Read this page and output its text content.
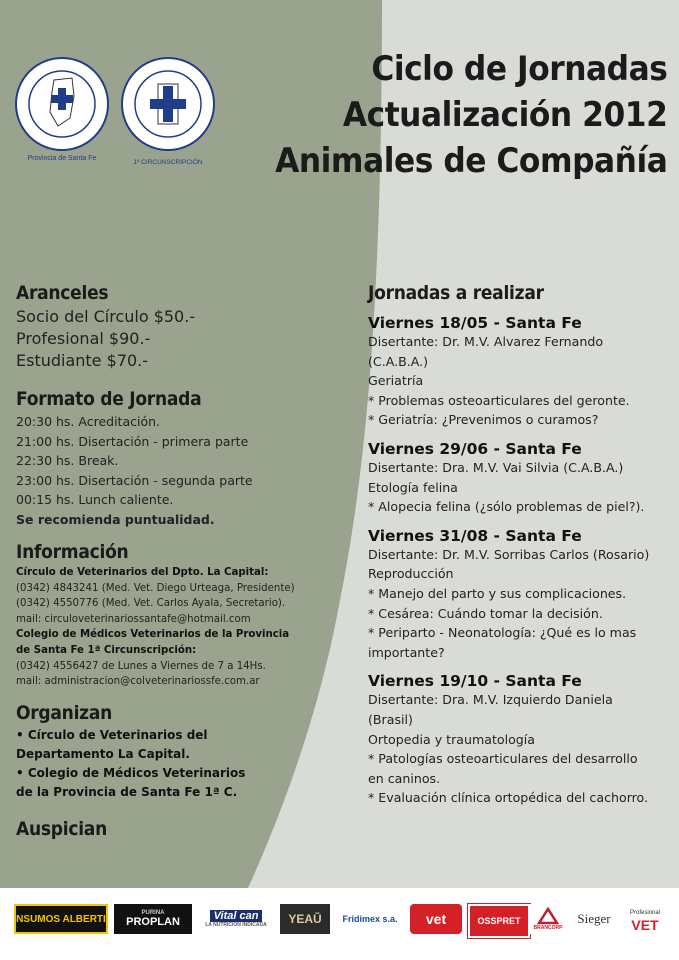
Provincia de Santa Fe
1º CIRCUNSCRIPCIÓN
Ciclo de Jornadas
Actualización 2012
Animales de Compañía
Aranceles
Socio del Círculo $50.-
Profesional $90.-
Estudiante $70.-
Formato de Jornada
20:30 hs. Acreditación.
21:00 hs. Disertación - primera parte
22:30 hs. Break.
23:00 hs. Disertación - segunda parte
00:15 hs. Lunch caliente.
Se recomienda puntualidad.
Información
Círculo de Veterinarios del Dpto. La Capital:
(0342) 4843241 (Med. Vet. Diego Urteaga, Presidente)
(0342) 4550776 (Med. Vet. Carlos Ayala, Secretario).
mail: circuloveterinariossantafe@hotmail.com
Colegio de Médicos Veterinarios de la Provincia
de Santa Fe 1ª Circunscripción:
(0342) 4556427 de Lunes a Viernes de 7 a 14Hs.
mail: administracion@colveterinariossfe.com.ar
Organizan
• Círculo de Veterinarios del
Departamento La Capital.
• Colegio de Médicos Veterinarios
de la Provincia de Santa Fe 1ª C.
Auspician
Jornadas a realizar
Viernes 18/05 - Santa Fe
Disertante: Dr. M.V. Alvarez Fernando
(C.A.B.A.)
Geriatría
* Problemas osteoarticulares del geronte.
* Geriatría: ¿Prevenimos o curamos?
Viernes 29/06 - Santa Fe
Disertante: Dra. M.V. Vai Silvia (C.A.B.A.)
Etología felina
* Alopecia felina (¿sólo problemas de piel?).
Viernes 31/08 - Santa Fe
Disertante: Dr. M.V. Sorribas Carlos (Rosario)
Reproducción
* Manejo del parto y sus complicaciones.
* Cesárea: Cuándo tomar la decisión.
* Periparto - Neonatología: ¿Qué es lo mas
importante?
Viernes 19/10 - Santa Fe
Disertante: Dra. M.V. Izquierdo Daniela
(Brasil)
Ortopedia y traumatología
* Patologías osteoarticulares del desarrollo
en caninos.
* Evaluación clínica ortopédica del cachorro.
NSUMOS ALBERTI
PURINA
PROPLAN	Vital can
LA NUTRICIÓN INDICADA YEAŬ Fridimex s.a. vet	OSSPRET
BRANCORP
Sieger	Profesional
VET
